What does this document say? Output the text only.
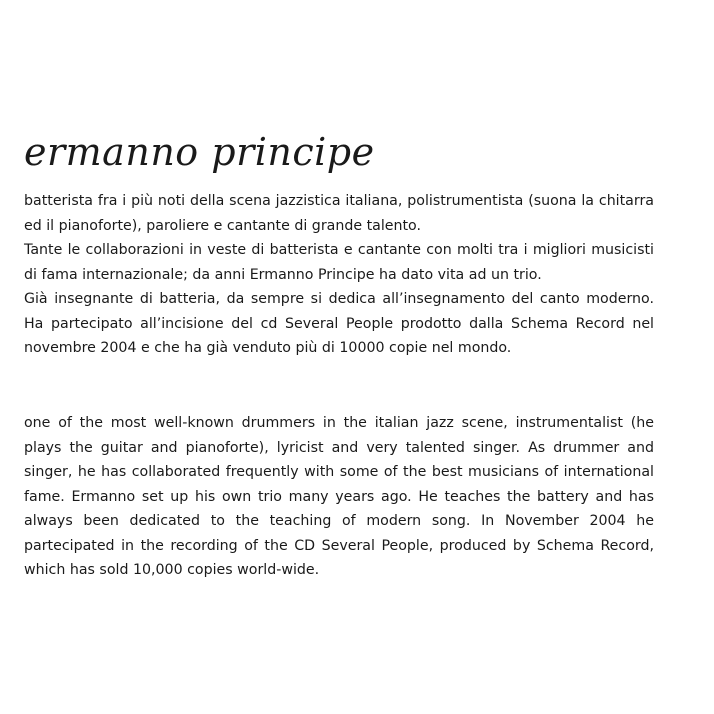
ermanno principe

batterista fra i più noti della scena jazzistica italiana, polistrumentista (suona la chitarra ed il pianoforte), paroliere e cantante di grande talento.

Tante le collaborazioni in veste di batterista e cantante con molti tra i migliori musicisti di fama internazionale; da anni Ermanno Principe ha dato vita ad un trio.

Già insegnante di batteria, da sempre si dedica all’insegnamento del canto moderno. Ha partecipato all’incisione del cd Several People prodotto dalla Schema Record nel novembre 2004 e che ha già venduto più di 10000 copie nel mondo.

one of the most well-known drummers in the italian jazz scene, instrumentalist (he plays the guitar and pianoforte), lyricist and very talented singer. As drummer and singer, he has collaborated frequently with some of the best musicians of international fame. Ermanno set up his own trio many years ago. He teaches the battery and has always been dedicated to the teaching of modern song. In November 2004 he partecipated in the recording of the CD Several People, produced by Schema Record, which has sold 10,000 copies world-wide.
